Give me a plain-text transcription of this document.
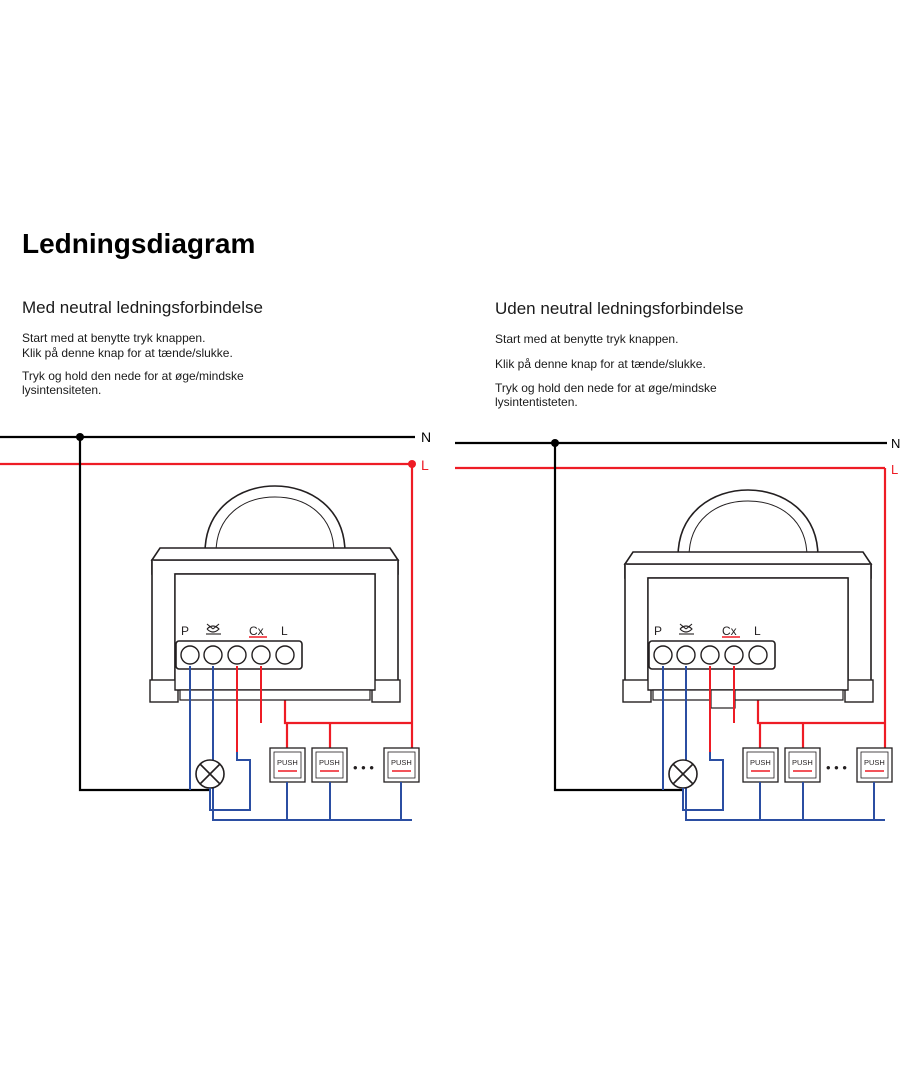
Ledningsdiagram
Med neutral ledningsforbindelse
Start med at benytte tryk knappen.
Klik på denne knap for at tænde/slukke.
Tryk og hold den nede for at øge/mindske
lysintensiteten.
N
L
P	Cx L
PUSH	PUSH • • • PUSH
Uden neutral ledningsforbindelse
Start med at benytte tryk knappen.
Klik på denne knap for at tænde/slukke.
Tryk og hold den nede for at øge/mindske
lysintentisteten.
N
L
P	Cx L
PUSH	PUSH • • • PUSH
